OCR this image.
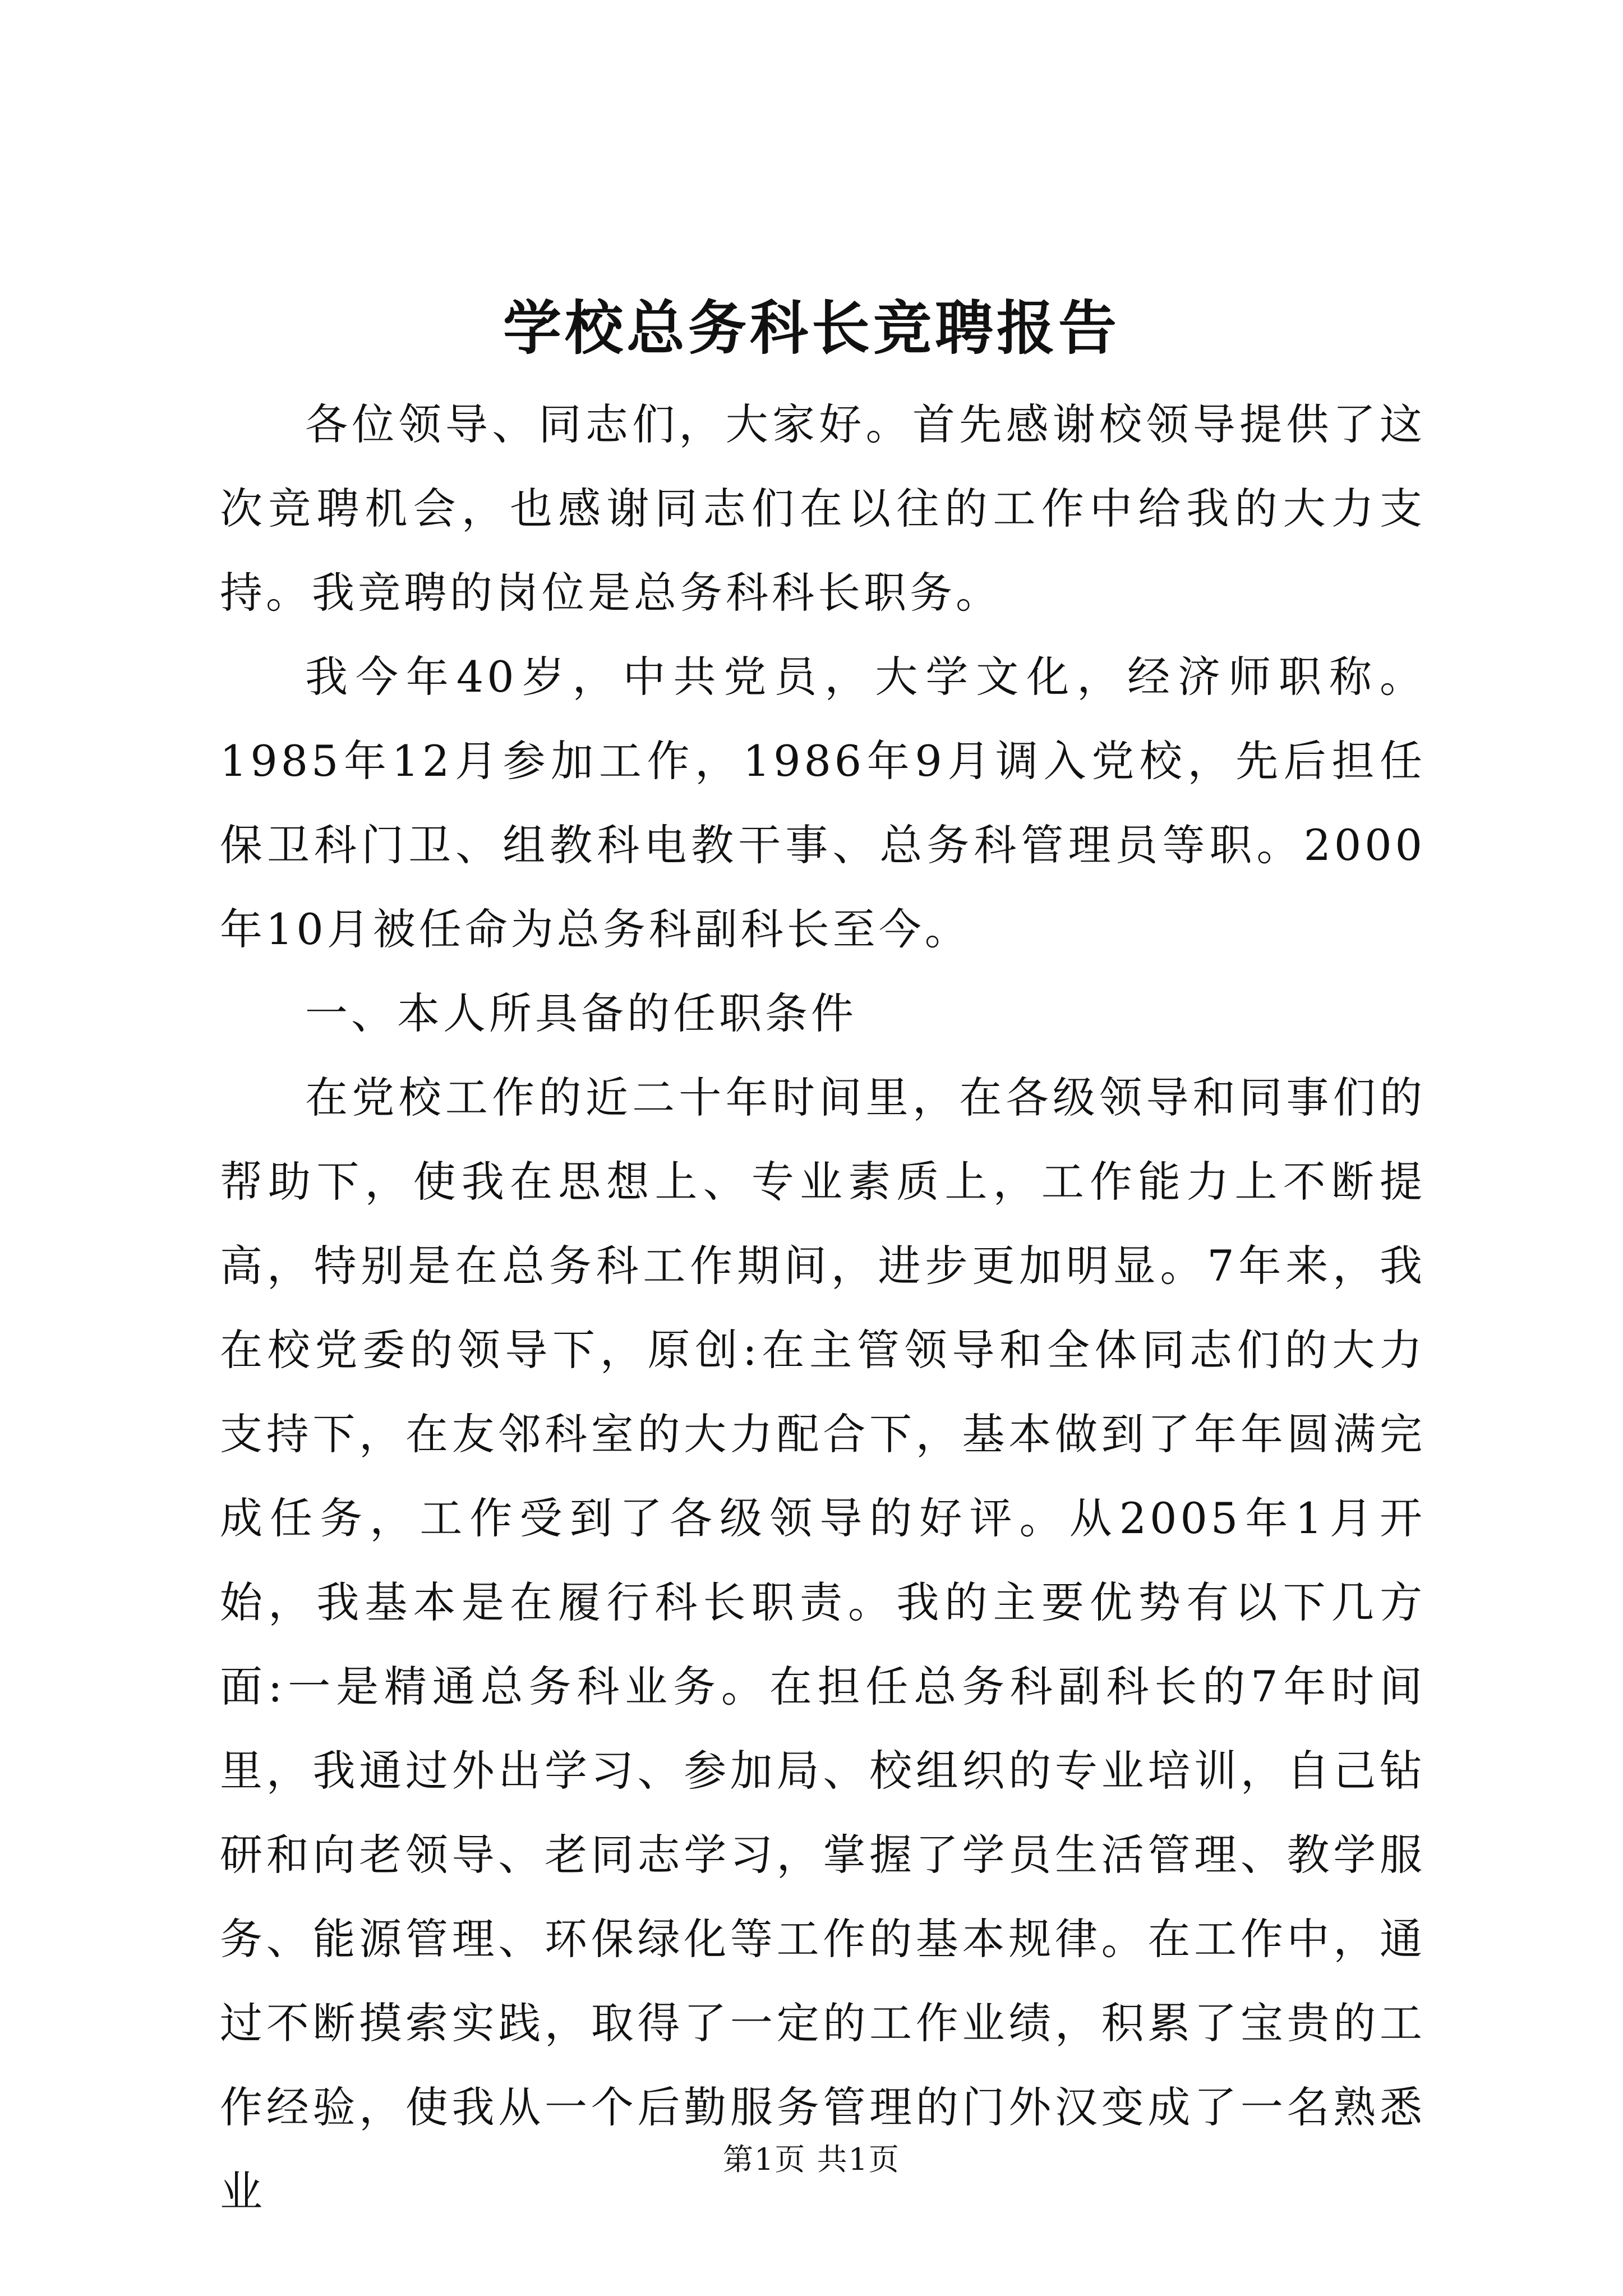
学校总务科长竞聘报告

各位领导、同志们，大家好。首先感谢校领导提供了这次竞聘机会，也感谢同志们在以往的工作中给我的大力支持。我竞聘的岗位是总务科科长职务。

我今年40岁，中共党员，大学文化，经济师职称。1985年12月参加工作，1986年9月调入党校，先后担任保卫科门卫、组教科电教干事、总务科管理员等职。2000年10月被任命为总务科副科长至今。

一、本人所具备的任职条件

在党校工作的近二十年时间里，在各级领导和同事们的帮助下，使我在思想上、专业素质上，工作能力上不断提高，特别是在总务科工作期间，进步更加明显。7年来，我在校党委的领导下，原创:在主管领导和全体同志们的大力支持下，在友邻科室的大力配合下，基本做到了年年圆满完成任务，工作受到了各级领导的好评。从2005年1月开始，我基本是在履行科长职责。我的主要优势有以下几方面:一是精通总务科业务。在担任总务科副科长的7年时间里，我通过外出学习、参加局、校组织的专业培训，自己钻研和向老领导、老同志学习，掌握了学员生活管理、教学服务、能源管理、环保绿化等工作的基本规律。在工作中，通过不断摸索实践，取得了一定的工作业绩，积累了宝贵的工作经验，使我从一个后勤服务管理的门外汉变成了一名熟悉业

第1页 共1页
